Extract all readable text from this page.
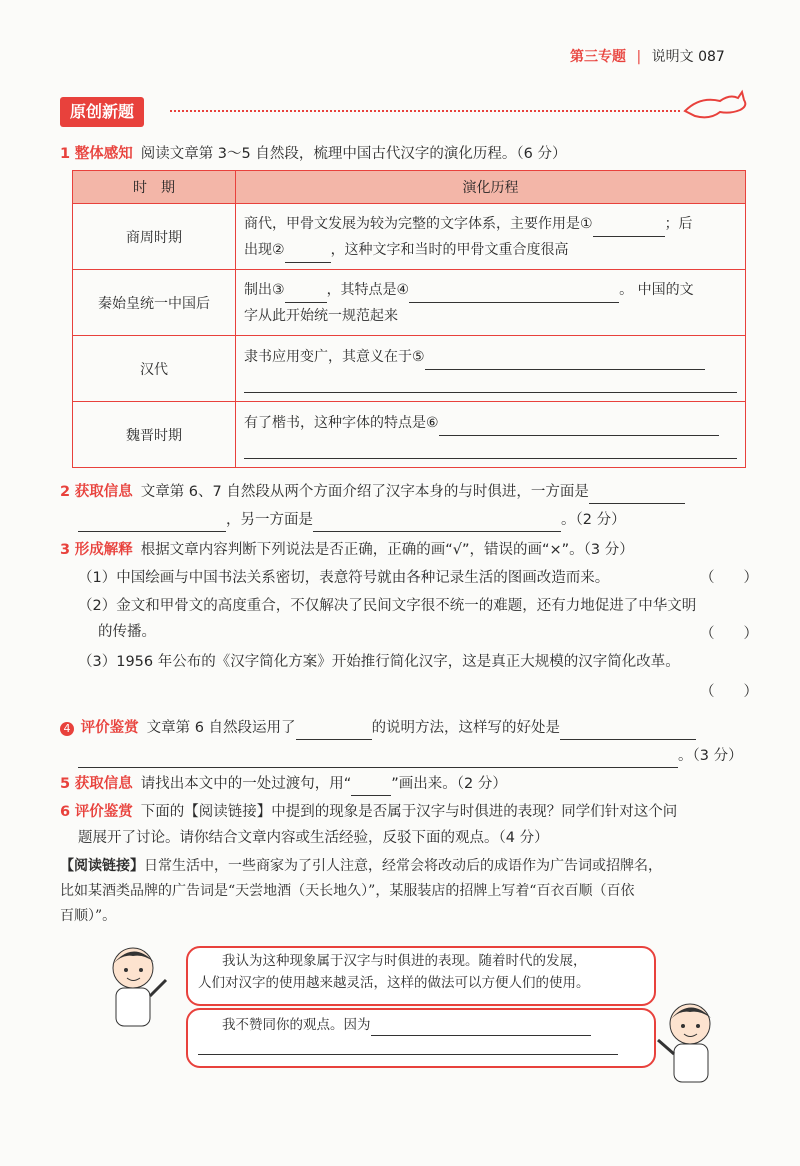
第三专题 | 说明文 087
原创新题
1 整体感知 阅读文章第 3～5 自然段，梳理中国古代汉字的演化历程。（6 分）
时　期	演化历程
商周时期	商代，甲骨文发展为较为完整的文字体系，主要作用是① ；后
出现② ，这种文字和当时的甲骨文重合度很高

秦始皇统一中国后	制出③ ，其特点是④ 。 中国的文
字从此开始统一规范起来

汉代	隶书应用变广，其意义在于⑤

魏晋时期	有了楷书，这种字体的特点是⑥
2 获取信息 文章第 6、7 自然段从两个方面介绍了汉字本身的与时俱进，一方面是
，另一方面是	。（2 分）
3 形成解释 根据文章内容判断下列说法是否正确，正确的画“√”，错误的画“×”。（3 分）
（1）中国绘画与中国书法关系密切，表意符号就由各种记录生活的图画改造而来。	（　　）
（2）金文和甲骨文的高度重合，不仅解决了民间文字很不统一的难题，还有力地促进了中华文明
的传播。	（　　）
（3）1956 年公布的《汉字简化方案》开始推行简化汉字，这是真正大规模的汉字简化改革。
（　　）
4 评价鉴赏 文章第 6 自然段运用了	的说明方法，这样写的好处是
。（3 分）
5 获取信息 请找出本文中的一处过渡句，用“	”画出来。（2 分）
6 评价鉴赏 下面的【阅读链接】中提到的现象是否属于汉字与时俱进的表现？同学们针对这个问
题展开了讨论。请你结合文章内容或生活经验，反驳下面的观点。（4 分）
【阅读链接】日常生活中，一些商家为了引人注意，经常会将改动后的成语作为广告词或招牌名，
比如某酒类品牌的广告词是“天尝地酒（天长地久）”，某服装店的招牌上写着“百衣百顺（百依
百顺）”。
我认为这种现象属于汉字与时俱进的表现。随着时代的发展，
人们对汉字的使用越来越灵活，这样的做法可以方便人们的使用。
我不赞同你的观点。因为
